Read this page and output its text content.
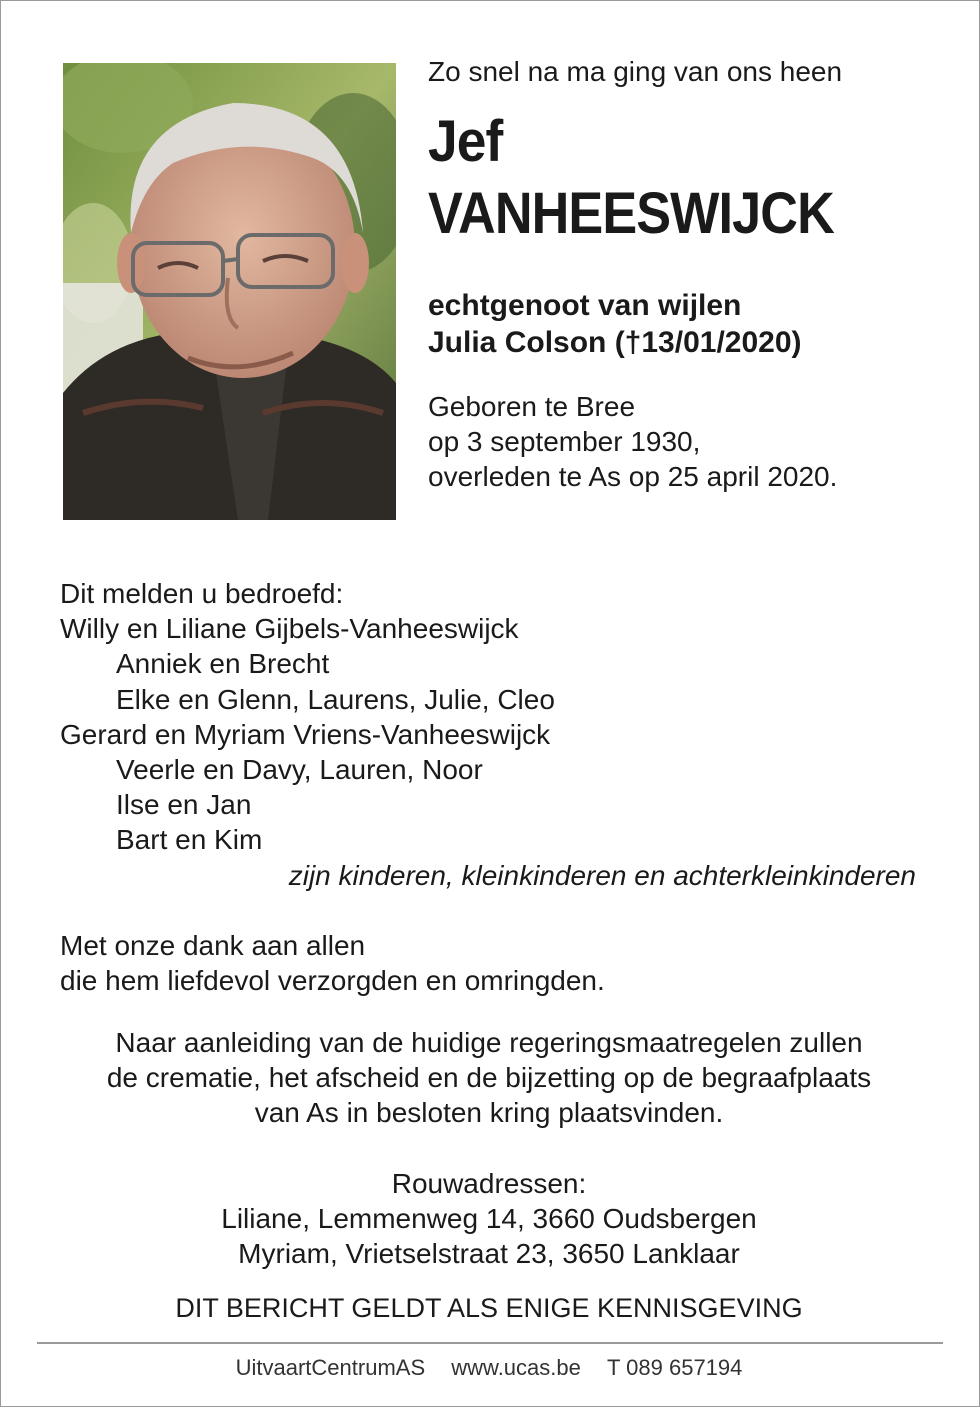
Zo snel na ma ging van ons heen

Jef

VANHEESWIJCK

echtgenoot van wijlen
Julia Colson (†13/01/2020)

Geboren te Bree
op 3 september 1930,
overleden te As op 25 april 2020.

Dit melden u bedroefd:
Willy en Liliane Gijbels-Vanheeswijck
Anniek en Brecht
Elke en Glenn, Laurens, Julie, Cleo
Gerard en Myriam Vriens-Vanheeswijck
Veerle en Davy, Lauren, Noor
Ilse en Jan
Bart en Kim
zijn kinderen, kleinkinderen en achterkleinkinderen
Met onze dank aan allen
die hem liefdevol verzorgden en omringden.
Naar aanleiding van de huidige regeringsmaatregelen zullen
de crematie, het afscheid en de bijzetting op de begraafplaats
van As in besloten kring plaatsvinden.
Rouwadressen:
Liliane, Lemmenweg 14, 3660 Oudsbergen
Myriam, Vrietselstraat 23, 3650 Lanklaar
DIT BERICHT GELDT ALS ENIGE KENNISGEVING
UitvaartCentrumAS www.ucas.be T 089 657194
